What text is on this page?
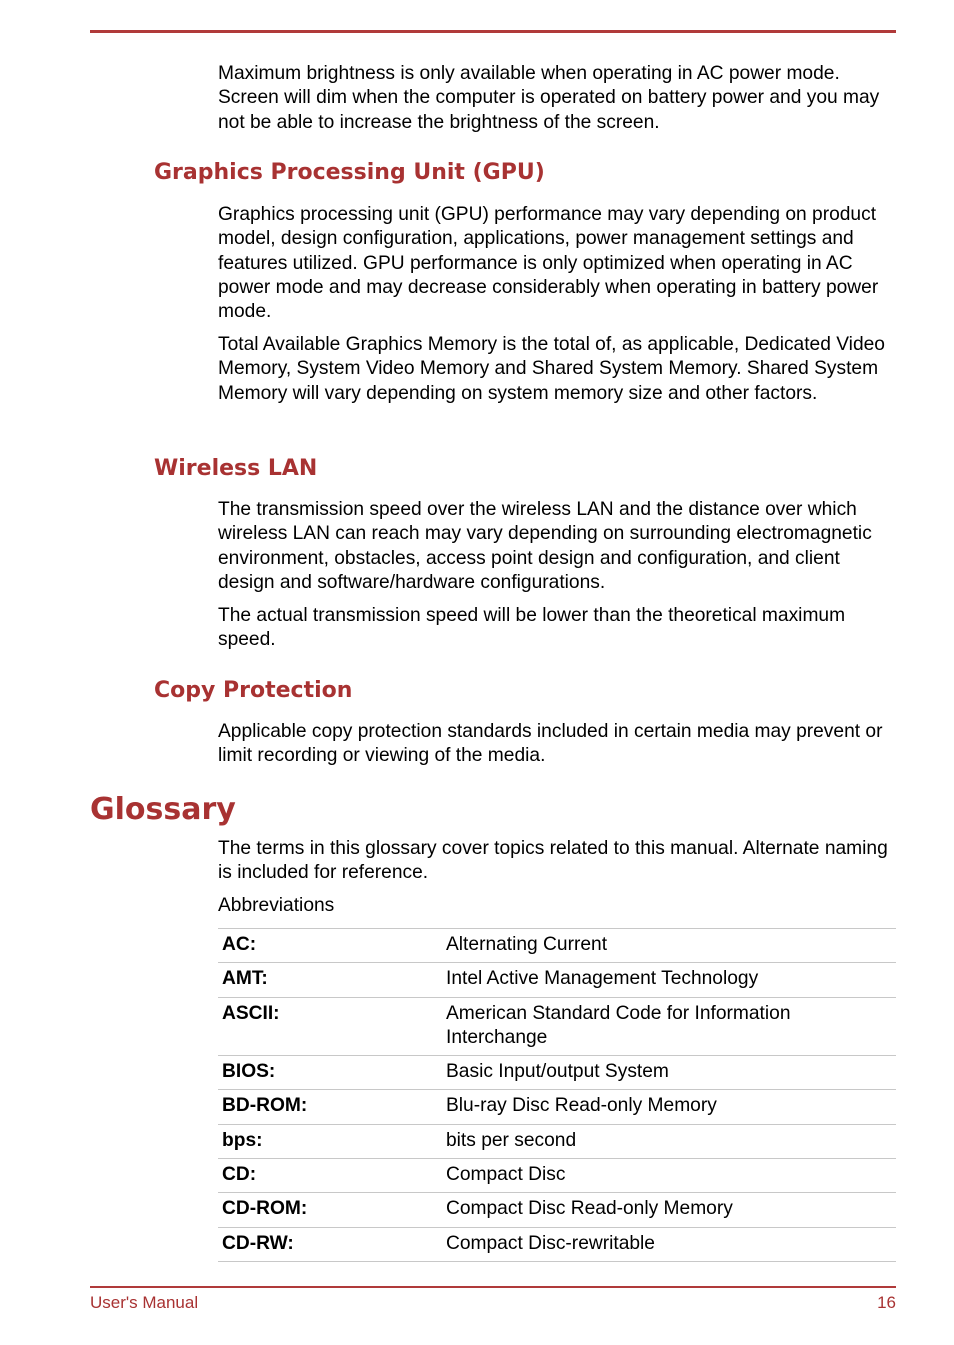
Maximum brightness is only available when operating in AC power mode. Screen will dim when the computer is operated on battery power and you may not be able to increase the brightness of the screen.

Graphics Processing Unit (GPU)

Graphics processing unit (GPU) performance may vary depending on product model, design configuration, applications, power management settings and features utilized. GPU performance is only optimized when operating in AC power mode and may decrease considerably when operating in battery power mode.

Total Available Graphics Memory is the total of, as applicable, Dedicated Video Memory, System Video Memory and Shared System Memory. Shared System Memory will vary depending on system memory size and other factors.

Wireless LAN

The transmission speed over the wireless LAN and the distance over which wireless LAN can reach may vary depending on surrounding electromagnetic environment, obstacles, access point design and configuration, and client design and software/hardware configurations.

The actual transmission speed will be lower than the theoretical maximum speed.

Copy Protection

Applicable copy protection standards included in certain media may prevent or limit recording or viewing of the media.

Glossary

The terms in this glossary cover topics related to this manual. Alternate naming is included for reference.

Abbreviations

AC:	Alternating Current
AMT:	Intel Active Management Technology
ASCII:	American Standard Code for Information Interchange
BIOS:	Basic Input/output System
BD-ROM:	Blu-ray Disc Read-only Memory
bps:	bits per second
CD:	Compact Disc
CD-ROM:	Compact Disc Read-only Memory
CD-RW:	Compact Disc-rewritable
User's Manual	16
